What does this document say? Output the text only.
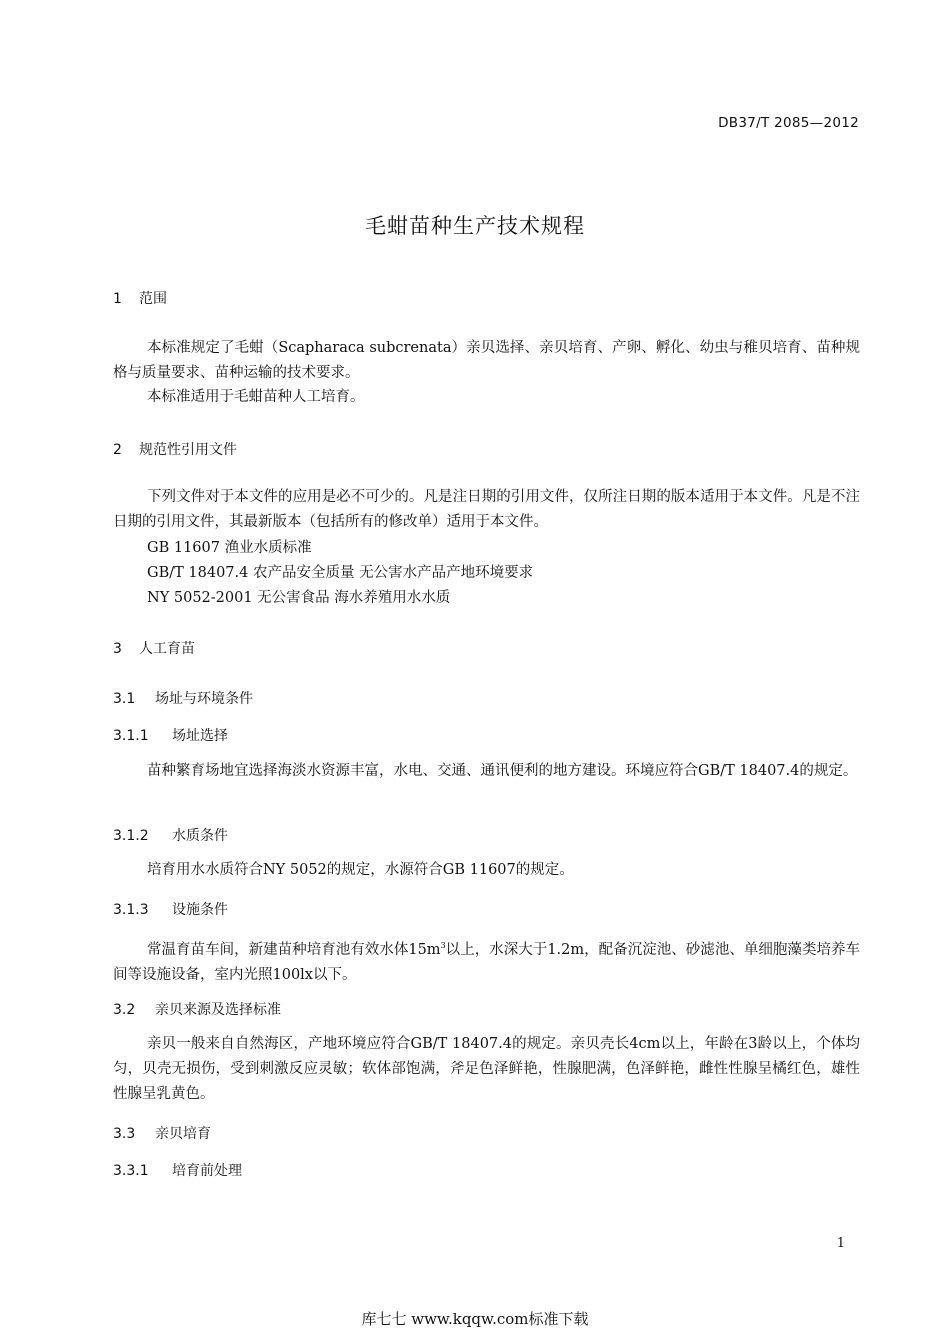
DB37/T 2085—2012
毛蚶苗种生产技术规程
1 范围
本标准规定了毛蚶（Scapharaca subcrenata）亲贝选择、亲贝培育、产卵、孵化、幼虫与稚贝培育、苗种规格与质量要求、苗种运输的技术要求。
本标准适用于毛蚶苗种人工培育。
2 规范性引用文件
下列文件对于本文件的应用是必不可少的。凡是注日期的引用文件，仅所注日期的版本适用于本文件。凡是不注日期的引用文件，其最新版本（包括所有的修改单）适用于本文件。
GB 11607 渔业水质标准
GB/T 18407.4 农产品安全质量 无公害水产品产地环境要求
NY 5052-2001 无公害食品 海水养殖用水水质
3 人工育苗
3.1 场址与环境条件
3.1.1 场址选择
苗种繁育场地宜选择海淡水资源丰富，水电、交通、通讯便利的地方建设。环境应符合GB/T 18407.4的规定。
3.1.2 水质条件
培育用水水质符合NY 5052的规定，水源符合GB 11607的规定。
3.1.3 设施条件
常温育苗车间，新建苗种培育池有效水体$15m^3$以上，水深大于1.2m，配备沉淀池、砂滤池、单细胞藻类培养车间等设施设备，室内光照100lx以下。
3.2 亲贝来源及选择标准
亲贝一般来自自然海区，产地环境应符合GB/T 18407.4的规定。亲贝壳长4cm以上，年龄在3龄以上，个体均匀，贝壳无损伤，受到刺激反应灵敏；软体部饱满，斧足色泽鲜艳，性腺肥满，色泽鲜艳，雌性性腺呈橘红色，雄性性腺呈乳黄色。
3.3 亲贝培育
3.3.1 培育前处理
1
库七七 www.kqqw.com标准下载
